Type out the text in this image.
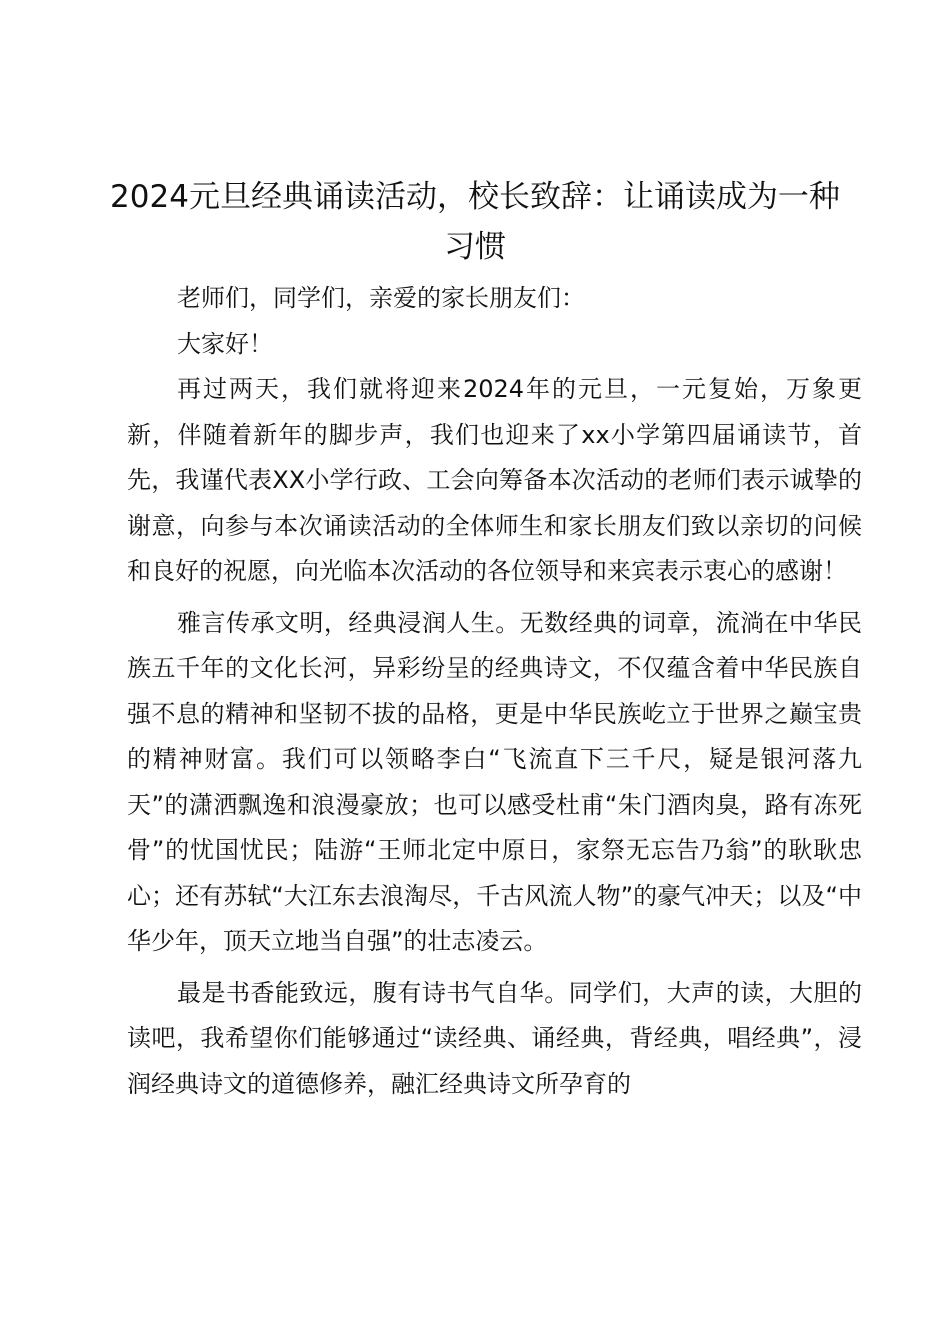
2024元旦经典诵读活动，校长致辞：让诵读成为一种习惯

老师们，同学们，亲爱的家长朋友们：

大家好！

再过两天，我们就将迎来2024年的元旦，一元复始，万象更新，伴随着新年的脚步声，我们也迎来了xx小学第四届诵读节，首先，我谨代表XX小学行政、工会向筹备本次活动的老师们表示诚挚的谢意，向参与本次诵读活动的全体师生和家长朋友们致以亲切的问候和良好的祝愿，向光临本次活动的各位领导和来宾表示衷心的感谢！

雅言传承文明，经典浸润人生。无数经典的词章，流淌在中华民族五千年的文化长河，异彩纷呈的经典诗文，不仅蕴含着中华民族自强不息的精神和坚韧不拔的品格，更是中华民族屹立于世界之巅宝贵的精神财富。我们可以领略李白“飞流直下三千尺，疑是银河落九天”的潇洒飘逸和浪漫豪放；也可以感受杜甫“朱门酒肉臭，路有冻死骨”的忧国忧民；陆游“王师北定中原日，家祭无忘告乃翁”的耿耿忠心；还有苏轼“大江东去浪淘尽，千古风流人物”的豪气冲天；以及“中华少年，顶天立地当自强”的壮志凌云。

最是书香能致远，腹有诗书气自华。同学们，大声的读，大胆的读吧，我希望你们能够通过“读经典、诵经典，背经典，唱经典”，浸润经典诗文的道德修养，融汇经典诗文所孕育的
